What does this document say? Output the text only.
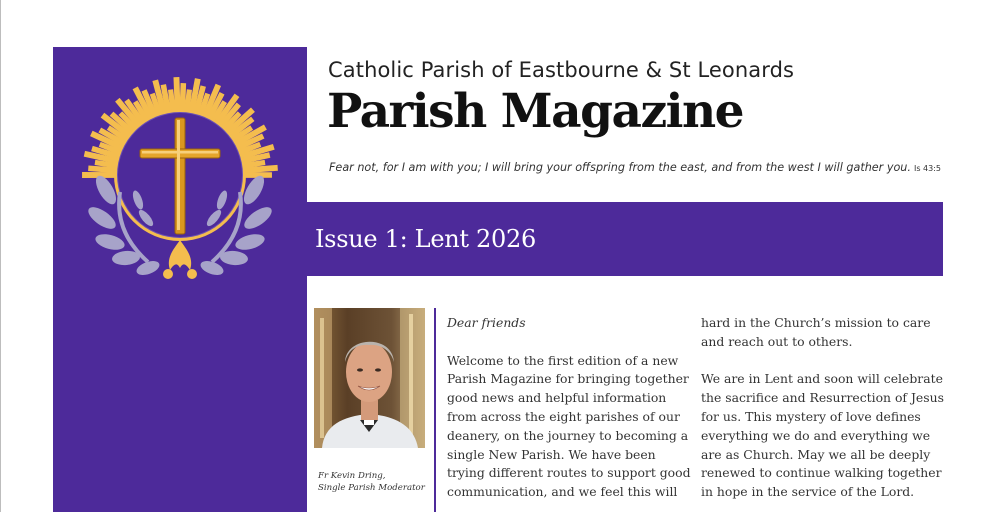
Catholic Parish of Eastbourne & St Leonards
Parish Magazine
Fear not, for I am with you; I will bring your offspring from the east, and from the west I will gather you. Is 43:5
Issue 1: Lent 2026
Fr Kevin Dring,
Single Parish Moderator

Dear friends

Welcome to the first edition of a new Parish Magazine for bringing together good news and helpful information from across the eight parishes of our deanery, on the journey to becoming a single New Parish. We have been trying different routes to support good communication, and we feel this will

hard in the Church’s mission to care and reach out to others.

We are in Lent and soon will celebrate the sacrifice and Resurrection of Jesus for us. This mystery of love defines everything we do and everything we are as Church. May we all be deeply renewed to continue walking together in hope in the service of the Lord.
